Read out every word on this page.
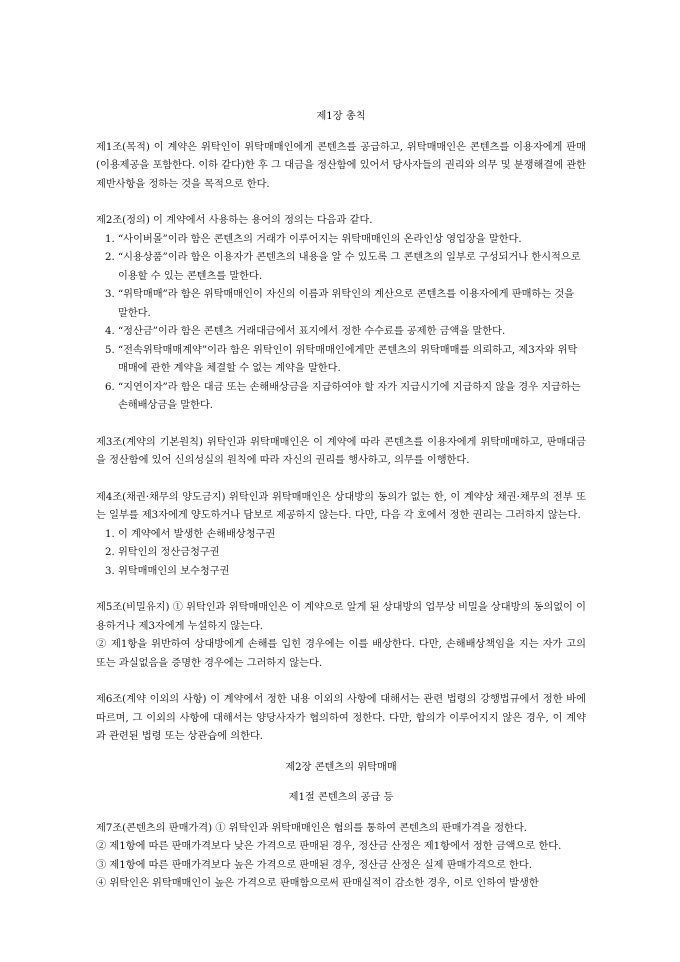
제1장 총칙

제1조(목적) 이 계약은 위탁인이 위탁매매인에게 콘텐츠를 공급하고, 위탁매매인은 콘텐츠를 이용자에게 판매(이용제공을 포함한다. 이하 같다)한 후 그 대금을 정산함에 있어서 당사자들의 권리와 의무 및 분쟁해결에 관한 제반사항을 정하는 것을 목적으로 한다.

제2조(정의) 이 계약에서 사용하는 용어의 정의는 다음과 같다.

1. “사이버몰”이라 함은 콘텐츠의 거래가 이루어지는 위탁매매인의 온라인상 영업장을 말한다.
2. “시용상품”이라 함은 이용자가 콘텐츠의 내용을 알 수 있도록 그 콘텐츠의 일부로 구성되거나 한시적으로 이용할 수 있는 콘텐츠를 말한다.
3. “위탁매매”라 함은 위탁매매인이 자신의 이름과 위탁인의 계산으로 콘텐츠를 이용자에게 판매하는 것을 말한다.
4. “정산금”이라 함은 콘텐츠 거래대금에서 표지에서 정한 수수료를 공제한 금액을 말한다.
5. “전속위탁매매계약”이라 함은 위탁인이 위탁매매인에게만 콘텐츠의 위탁매매를 의뢰하고, 제3자와 위탁매매에 관한 계약을 체결할 수 없는 계약을 말한다.
6. “지연이자”라 함은 대금 또는 손해배상금을 지급하여야 할 자가 지급시기에 지급하지 않을 경우 지급하는 손해배상금을 말한다.

제3조(계약의 기본원칙) 위탁인과 위탁매매인은 이 계약에 따라 콘텐츠를 이용자에게 위탁매매하고, 판매대금을 정산함에 있어 신의성실의 원칙에 따라 자신의 권리를 행사하고, 의무를 이행한다.

제4조(채권·채무의 양도금지) 위탁인과 위탁매매인은 상대방의 동의가 없는 한, 이 계약상 채권·채무의 전부 또는 일부를 제3자에게 양도하거나 담보로 제공하지 않는다. 다만, 다음 각 호에서 정한 권리는 그러하지 않는다.

1. 이 계약에서 발생한 손해배상청구권
2. 위탁인의 정산금청구권
3. 위탁매매인의 보수청구권

제5조(비밀유지) ① 위탁인과 위탁매매인은 이 계약으로 알게 된 상대방의 업무상 비밀을 상대방의 동의없이 이용하거나 제3자에게 누설하지 않는다.

② 제1항을 위반하여 상대방에게 손해를 입힌 경우에는 이를 배상한다. 다만, 손해배상책임을 지는 자가 고의 또는 과실없음을 증명한 경우에는 그러하지 않는다.

제6조(계약 이외의 사항) 이 계약에서 정한 내용 이외의 사항에 대해서는 관련 법령의 강행법규에서 정한 바에 따르며, 그 이외의 사항에 대해서는 양당사자가 협의하여 정한다. 다만, 합의가 이루어지지 않은 경우, 이 계약과 관련된 법령 또는 상관습에 의한다.

제2장 콘텐츠의 위탁매매
제1절 콘텐츠의 공급 등

제7조(콘텐츠의 판매가격) ① 위탁인과 위탁매매인은 협의를 통하여 콘텐츠의 판매가격을 정한다.

② 제1항에 따른 판매가격보다 낮은 가격으로 판매된 경우, 정산금 산정은 제1항에서 정한 금액으로 한다.

③ 제1항에 따른 판매가격보다 높은 가격으로 판매된 경우, 정산금 산정은 실제 판매가격으로 한다.

④ 위탁인은 위탁매매인이 높은 가격으로 판매함으로써 판매실적이 감소한 경우, 이로 인하여 발생한
